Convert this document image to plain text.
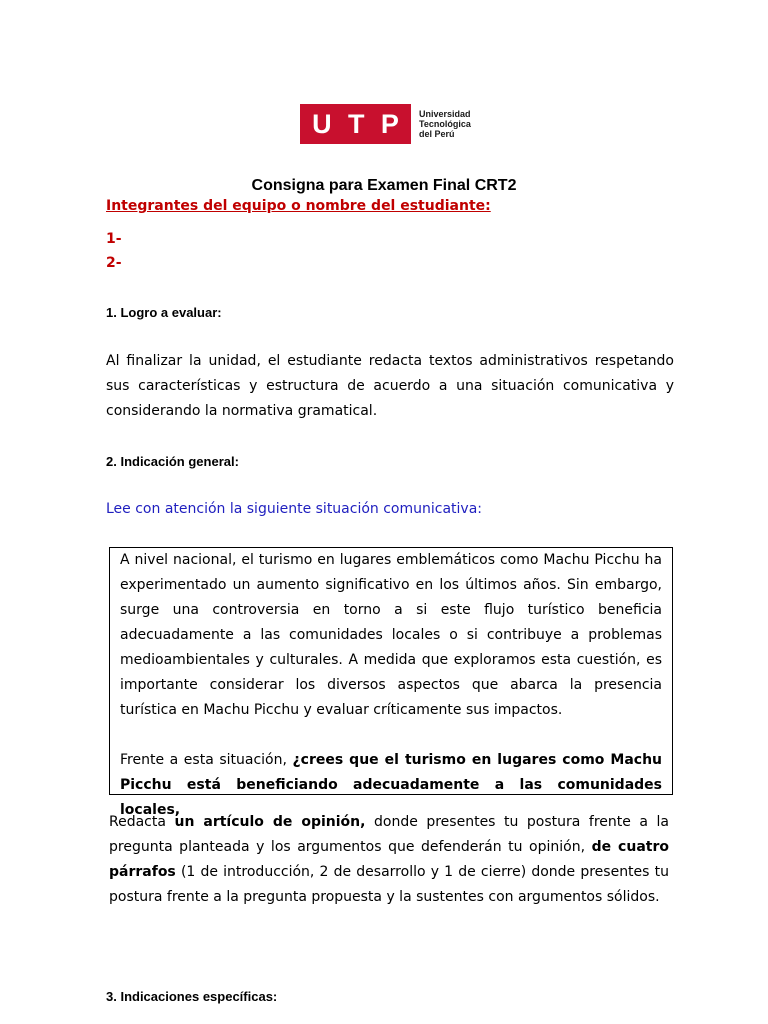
U T P Universidad
Tecnológica
del Perú
Consigna para Examen Final CRT2
Integrantes del equipo o nombre del estudiante:
1-
2-
1. Logro a evaluar:
Al finalizar la unidad, el estudiante redacta textos administrativos respetando sus características y estructura de acuerdo a una situación comunicativa y considerando la normativa gramatical.
2. Indicación general:
Lee con atención la siguiente situación comunicativa:

A nivel nacional, el turismo en lugares emblemáticos como Machu Picchu ha experimentado un aumento significativo en los últimos años. Sin embargo, surge una controversia en torno a si este flujo turístico beneficia adecuadamente a las comunidades locales o si contribuye a problemas medioambientales y culturales. A medida que exploramos esta cuestión, es importante considerar los diversos aspectos que abarca la presencia turística en Machu Picchu y evaluar críticamente sus impactos.

Frente a esta situación, ¿crees que el turismo en lugares como Machu Picchu está beneficiando adecuadamente a las comunidades locales,

Redacta un artículo de opinión, donde presentes tu postura frente a la pregunta planteada y los argumentos que defenderán tu opinión, de cuatro párrafos (1 de introducción, 2 de desarrollo y 1 de cierre) donde presentes tu postura frente a la pregunta propuesta y la sustentes con argumentos sólidos.
3. Indicaciones específicas:
